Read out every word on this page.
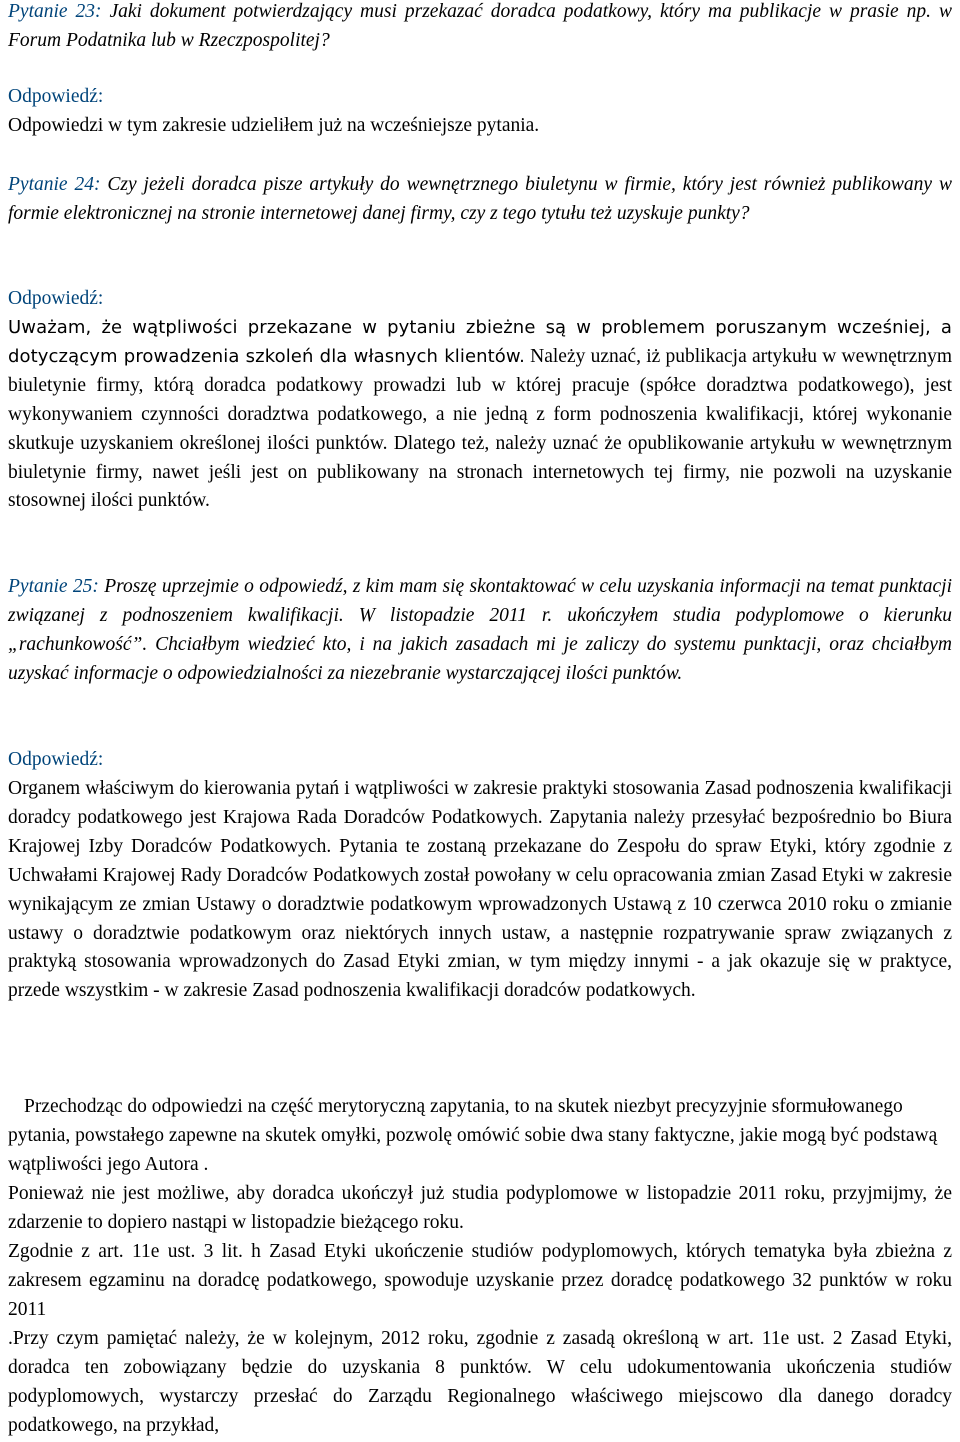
Pytanie 23: Jaki dokument potwierdzający musi przekazać doradca podatkowy, który ma publikacje w prasie np. w Forum Podatnika lub w Rzeczpospolitej?

Odpowiedź:

Odpowiedzi w tym zakresie udzieliłem już na wcześniejsze pytania.

Pytanie 24: Czy jeżeli doradca pisze artykuły do wewnętrznego biuletynu w firmie, który jest również publikowany w formie elektronicznej na stronie internetowej danej firmy, czy z tego tytułu też uzyskuje punkty?

Odpowiedź:

Uważam, że wątpliwości przekazane w pytaniu zbieżne są w problemem poruszanym wcześniej, a dotyczącym prowadzenia szkoleń dla własnych klientów. Należy uznać, iż publikacja artykułu w wewnętrznym biuletynie firmy, którą doradca podatkowy prowadzi lub w której pracuje (spółce doradztwa podatkowego), jest wykonywaniem czynności doradztwa podatkowego, a nie jedną z form podnoszenia kwalifikacji, której wykonanie skutkuje uzyskaniem określonej ilości punktów. Dlatego też, należy uznać że opublikowanie artykułu w wewnętrznym biuletynie firmy, nawet jeśli jest on publikowany na stronach internetowych tej firmy, nie pozwoli na uzyskanie stosownej ilości punktów.

Pytanie 25: Proszę uprzejmie o odpowiedź, z kim mam się skontaktować w celu uzyskania informacji na temat punktacji związanej z podnoszeniem kwalifikacji. W listopadzie 2011 r. ukończyłem studia podyplomowe o kierunku „rachunkowość”. Chciałbym wiedzieć kto, i na jakich zasadach mi je zaliczy do systemu punktacji, oraz chciałbym uzyskać informacje o odpowiedzialności za niezebranie wystarczającej ilości punktów.

Odpowiedź:

Organem właściwym do kierowania pytań i wątpliwości w zakresie praktyki stosowania Zasad podnoszenia kwalifikacji doradcy podatkowego jest Krajowa Rada Doradców Podatkowych. Zapytania należy przesyłać bezpośrednio bo Biura Krajowej Izby Doradców Podatkowych. Pytania te zostaną przekazane do Zespołu do spraw Etyki, który zgodnie z Uchwałami Krajowej Rady Doradców Podatkowych został powołany w celu opracowania zmian Zasad Etyki w zakresie wynikającym ze zmian Ustawy o doradztwie podatkowym wprowadzonych Ustawą z 10 czerwca 2010 roku o zmianie ustawy o doradztwie podatkowym oraz niektórych innych ustaw, a następnie rozpatrywanie spraw związanych z praktyką stosowania wprowadzonych do Zasad Etyki zmian, w tym między innymi - a jak okazuje się w praktyce, przede wszystkim - w zakresie Zasad podnoszenia kwalifikacji doradców podatkowych.

Przechodząc do odpowiedzi na część merytoryczną zapytania, to na skutek niezbyt precyzyjnie sformułowanego pytania, powstałego zapewne na skutek omyłki, pozwolę omówić sobie dwa stany faktyczne, jakie mogą być podstawą wątpliwości jego Autora .

Ponieważ nie jest możliwe, aby doradca ukończył już studia podyplomowe w listopadzie 2011 roku, przyjmijmy, że zdarzenie to dopiero nastąpi w listopadzie bieżącego roku.

Zgodnie z art. 11e ust. 3 lit. h Zasad Etyki ukończenie studiów podyplomowych, których tematyka była zbieżna z zakresem egzaminu na doradcę podatkowego, spowoduje uzyskanie przez doradcę podatkowego 32 punktów w roku 2011

.Przy czym pamiętać należy, że w kolejnym, 2012 roku, zgodnie z zasadą określoną w art. 11e ust. 2 Zasad Etyki, doradca ten zobowiązany będzie do uzyskania 8 punktów. W celu udokumentowania ukończenia studiów podyplomowych, wystarczy przesłać do Zarządu Regionalnego właściwego miejscowo dla danego doradcy podatkowego, na przykład,
